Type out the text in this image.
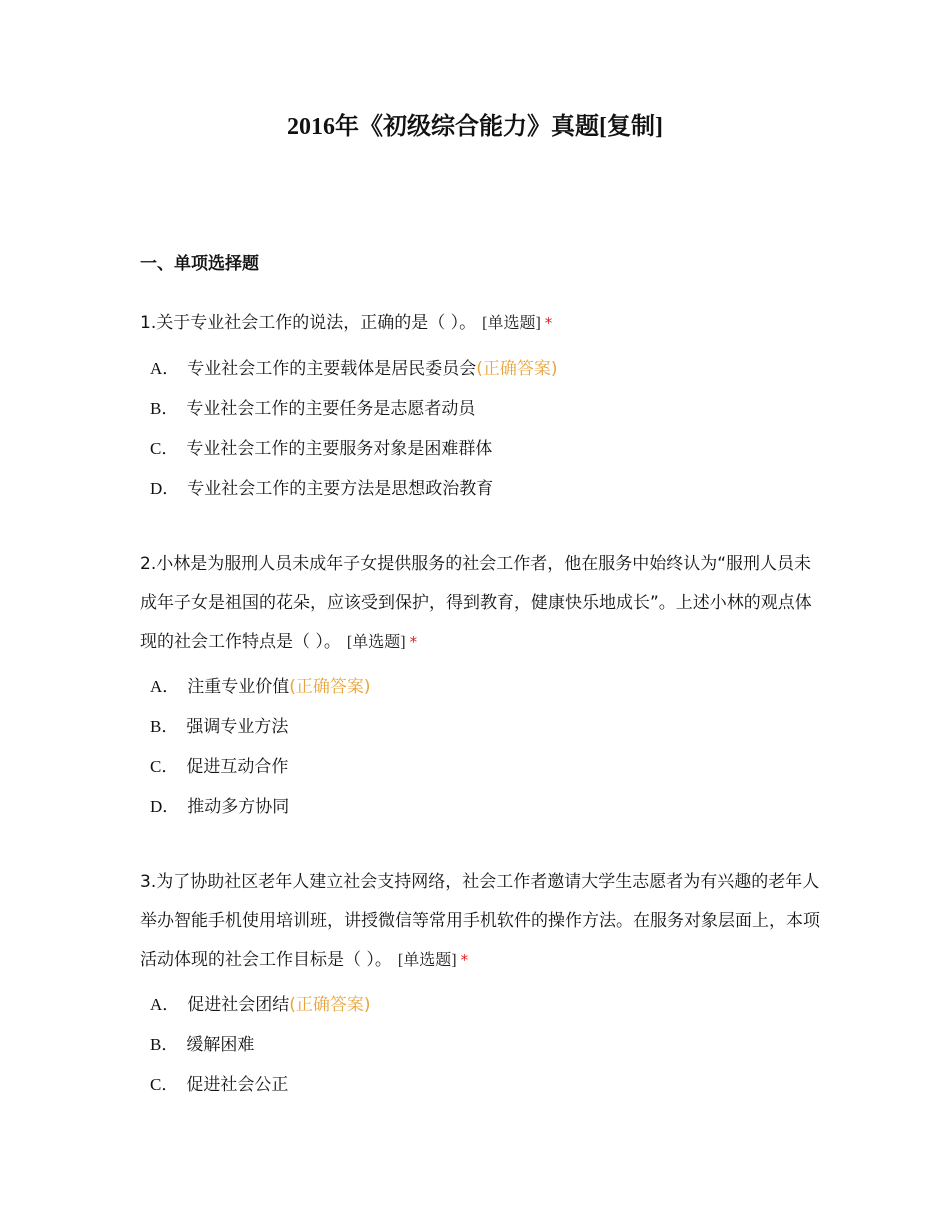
2016年《初级综合能力》真题[复制]
一、单项选择题

1.关于专业社会工作的说法，正确的是（ ）。 [单选题] *

A． 专业社会工作的主要载体是居民委员会(正确答案)
B． 专业社会工作的主要任务是志愿者动员
C． 专业社会工作的主要服务对象是困难群体
D． 专业社会工作的主要方法是思想政治教育

2.小林是为服刑人员未成年子女提供服务的社会工作者，他在服务中始终认为“服刑人员未成年子女是祖国的花朵，应该受到保护，得到教育，健康快乐地成长”。上述小林的观点体现的社会工作特点是（ ）。 [单选题] *

A． 注重专业价值(正确答案)
B． 强调专业方法
C． 促进互动合作
D． 推动多方协同

3.为了协助社区老年人建立社会支持网络，社会工作者邀请大学生志愿者为有兴趣的老年人举办智能手机使用培训班，讲授微信等常用手机软件的操作方法。在服务对象层面上，本项活动体现的社会工作目标是（ ）。 [单选题] *

A． 促进社会团结(正确答案)
B． 缓解困难
C． 促进社会公正
